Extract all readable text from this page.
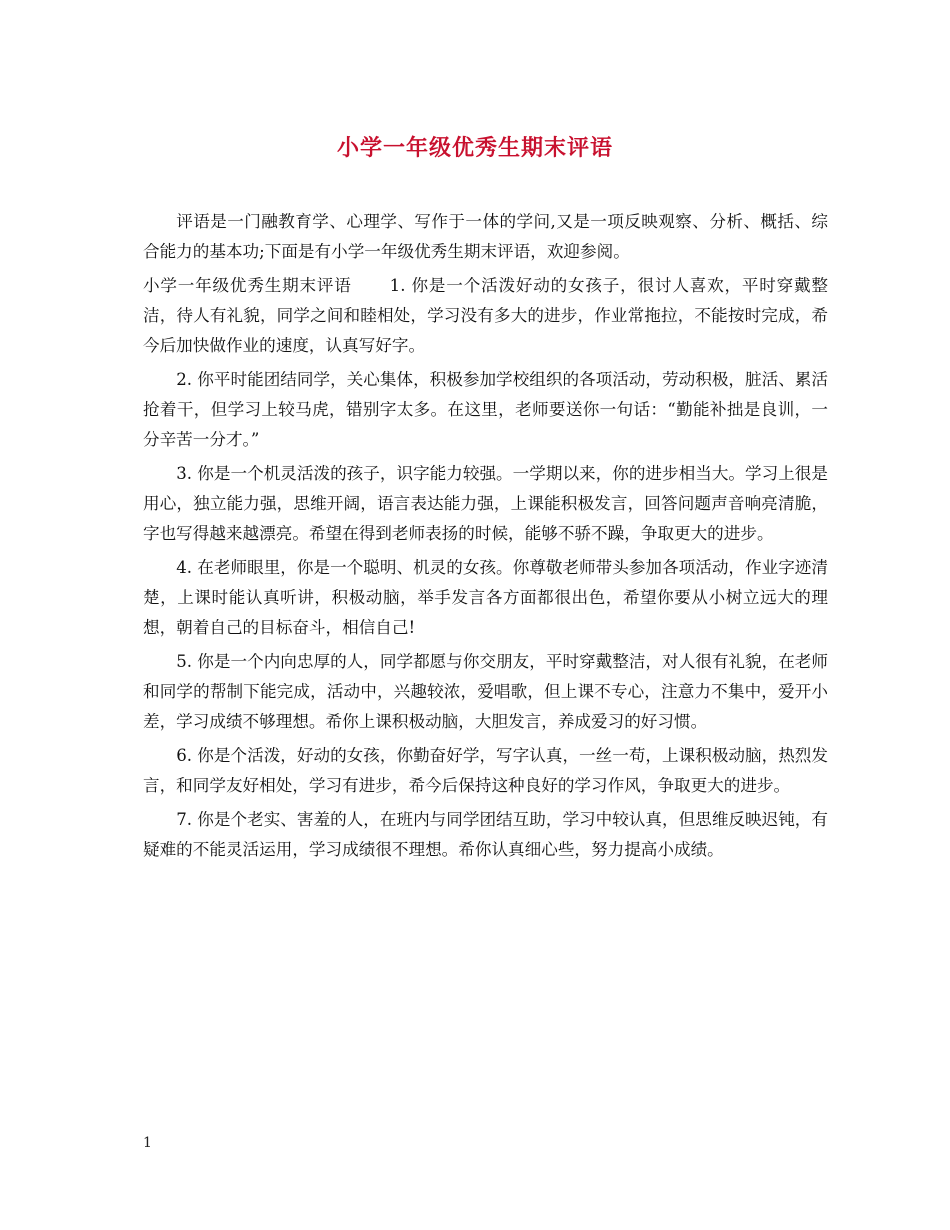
小学一年级优秀生期末评语

评语是一门融教育学、心理学、写作于一体的学问,又是一项反映观察、分析、概括、综合能力的基本功;下面是有小学一年级优秀生期末评语，欢迎参阅。

小学一年级优秀生期末评语 1. 你是一个活泼好动的女孩子，很讨人喜欢，平时穿戴整洁，待人有礼貌，同学之间和睦相处，学习没有多大的进步，作业常拖拉，不能按时完成，希今后加快做作业的速度，认真写好字。

2. 你平时能团结同学，关心集体，积极参加学校组织的各项活动，劳动积极，脏活、累活抢着干，但学习上较马虎，错别字太多。在这里，老师要送你一句话：“勤能补拙是良训，一分辛苦一分才。”

3. 你是一个机灵活泼的孩子，识字能力较强。一学期以来，你的进步相当大。学习上很是用心，独立能力强，思维开阔，语言表达能力强，上课能积极发言，回答问题声音响亮清脆，字也写得越来越漂亮。希望在得到老师表扬的时候，能够不骄不躁，争取更大的进步。

4. 在老师眼里，你是一个聪明、机灵的女孩。你尊敬老师带头参加各项活动，作业字迹清楚，上课时能认真听讲，积极动脑，举手发言各方面都很出色，希望你要从小树立远大的理想，朝着自己的目标奋斗，相信自己!

5. 你是一个内向忠厚的人，同学都愿与你交朋友，平时穿戴整洁，对人很有礼貌，在老师和同学的帮制下能完成，活动中，兴趣较浓，爱唱歌，但上课不专心，注意力不集中，爱开小差，学习成绩不够理想。希你上课积极动脑，大胆发言，养成爱习的好习惯。

6. 你是个活泼，好动的女孩，你勤奋好学，写字认真，一丝一苟，上课积极动脑，热烈发言，和同学友好相处，学习有进步，希今后保持这种良好的学习作风，争取更大的进步。

7. 你是个老实、害羞的人，在班内与同学团结互助，学习中较认真，但思维反映迟钝，有疑难的不能灵活运用，学习成绩很不理想。希你认真细心些，努力提高小成绩。

1
